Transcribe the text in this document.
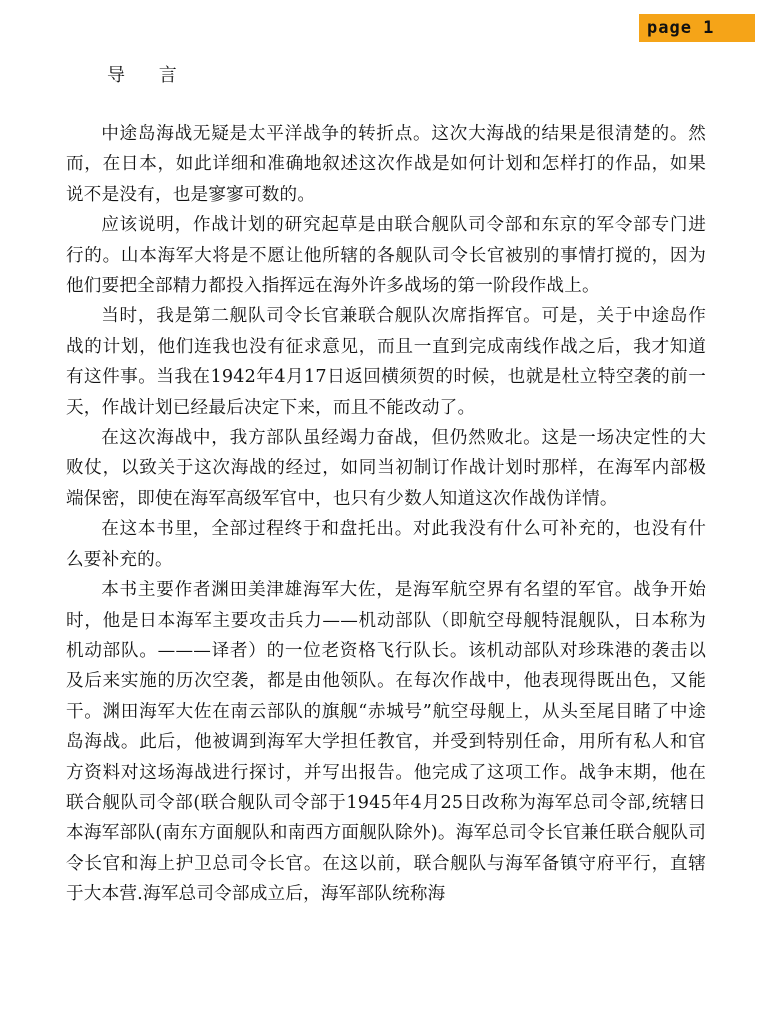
page 1
导 言

中途岛海战无疑是太平洋战争的转折点。这次大海战的结果是很清楚的。然而，在日本，如此详细和准确地叙述这次作战是如何计划和怎样打的作品，如果说不是没有，也是寥寥可数的。

应该说明，作战计划的研究起草是由联合舰队司令部和东京的军令部专门进行的。山本海军大将是不愿让他所辖的各舰队司令长官被别的事情打搅的，因为他们要把全部精力都投入指挥远在海外许多战场的第一阶段作战上。

当时，我是第二舰队司令长官兼联合舰队次席指挥官。可是，关于中途岛作战的计划，他们连我也没有征求意见，而且一直到完成南线作战之后，我才知道有这件事。当我在1942年4月17日返回横须贺的时候，也就是杜立特空袭的前一天，作战计划已经最后决定下来，而且不能改动了。

在这次海战中，我方部队虽经竭力奋战，但仍然败北。这是一场决定性的大败仗，以致关于这次海战的经过，如同当初制订作战计划时那样，在海军内部极端保密，即使在海军高级军官中，也只有少数人知道这次作战伪详情。

在这本书里，全部过程终于和盘托出。对此我没有什么可补充的，也没有什么要补充的。

本书主要作者渊田美津雄海军大佐，是海军航空界有名望的军官。战争开始时，他是日本海军主要攻击兵力——机动部队（即航空母舰特混舰队，日本称为机动部队。———译者）的一位老资格飞行队长。该机动部队对珍珠港的袭击以及后来实施的历次空袭，都是由他领队。在每次作战中，他表现得既出色，又能干。渊田海军大佐在南云部队的旗舰“赤城号”航空母舰上，从头至尾目睹了中途岛海战。此后，他被调到海军大学担任教官，并受到特别任命，用所有私人和官方资料对这场海战进行探讨，并写出报告。他完成了这项工作。战争末期，他在联合舰队司令部(联合舰队司令部于1945年4月25日改称为海军总司令部,统辖日本海军部队(南东方面舰队和南西方面舰队除外)。海军总司令长官兼任联合舰队司令长官和海上护卫总司令长官。在这以前，联合舰队与海军备镇守府平行，直辖于大本营.海军总司令部成立后，海军部队统称海
